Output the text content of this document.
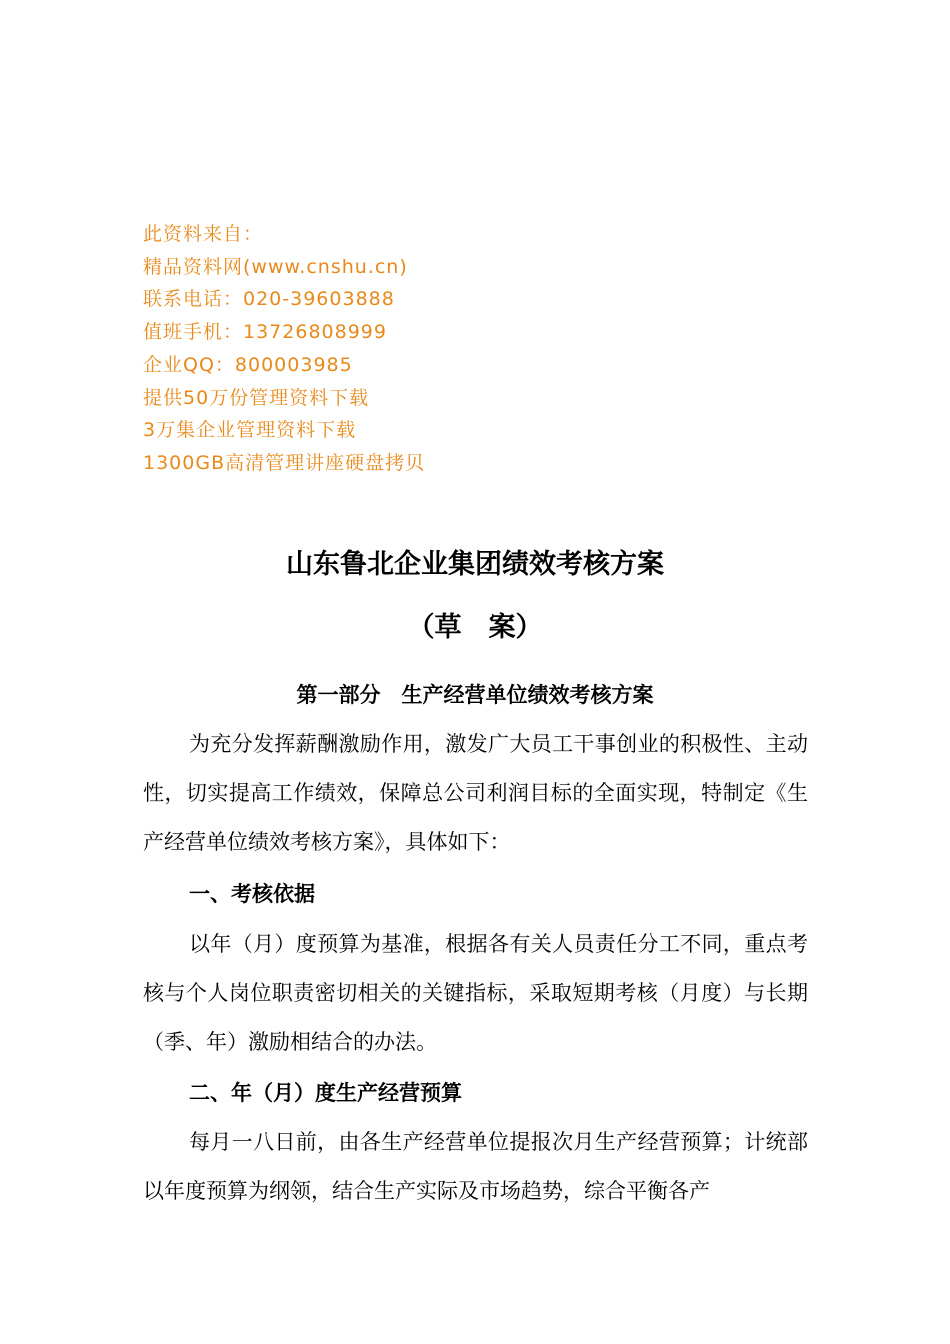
此资料来自：
精品资料网(www.cnshu.cn)
联系电话：020-39603888
值班手机：13726808999
企业QQ：800003985
提供50万份管理资料下载
3万集企业管理资料下载
1300GB高清管理讲座硬盘拷贝
山东鲁北企业集团绩效考核方案
（草　案）
第一部分　生产经营单位绩效考核方案
为充分发挥薪酬激励作用，激发广大员工干事创业的积极性、主动性，切实提高工作绩效，保障总公司利润目标的全面实现，特制定《生产经营单位绩效考核方案》，具体如下：
一、考核依据
以年（月）度预算为基准，根据各有关人员责任分工不同，重点考核与个人岗位职责密切相关的关键指标，采取短期考核（月度）与长期（季、年）激励相结合的办法。
二、年（月）度生产经营预算
每月一八日前，由各生产经营单位提报次月生产经营预算；计统部以年度预算为纲领，结合生产实际及市场趋势，综合平衡各产
